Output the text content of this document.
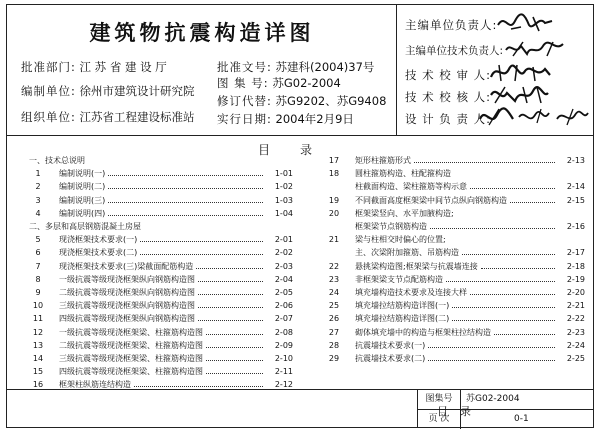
建筑物抗震构造详图
批准部门: 江 苏 省 建 设 厅
编制单位: 徐州市建筑设计研究院
组织单位: 江苏省工程建设标准站
批准文号: 苏建科(2004)37号
图 集 号: 苏G02-2004
修订代替: 苏G9202、苏G9408
实行日期: 2004年2月9日
主编单位负责人:
主编单位技术负责人:
技 术 校 审 人:
技 术 校 核 人:
设 计 负 责 人:
目录
一、技术总说明
1	编制说明(一)	1-01
2	编制说明(二)	1-02
3	编制说明(三)	1-03
4	编制说明(四)	1-04
二、多层和高层钢筋混凝土房屋
5	现浇框架技术要求(一)	2-01
6	现浇框架技术要求(二)	2-02
7	现浇框架技术要求(三)梁截面配筋构造	2-03
8	一级抗震等级现浇框架纵向钢筋构造图	2-04
9	二级抗震等级现浇框架纵向钢筋构造图	2-05
10	三级抗震等级现浇框架纵向钢筋构造图	2-06
11	四级抗震等级现浇框架纵向钢筋构造图	2-07
12	一级抗震等级现浇框架梁、柱箍筋构造图	2-08
13	二级抗震等级现浇框架梁、柱箍筋构造图	2-09
14	三级抗震等级现浇框架梁、柱箍筋构造图	2-10
15	四级抗震等级现浇框架梁、柱箍筋构造图	2-11
16	框架柱纵筋连结构造	2-12
17	矩形柱箍筋形式	2-13
18	圆柱箍筋构造、柱配箍构造
柱截面构造、梁柱箍筋等构示意	2-14
19	不同截面高度框架梁中间节点纵向钢筋构造	2-15
20	框架梁竖向、水平加腋构造;
框架梁节点钢筋构造	2-16
21	梁与柱相交时偏心的位置;
主、次梁附加箍筋、吊筋构造	2-17
22	悬挑梁构造图;框架梁与抗震墙连接	2-18
23	非框架梁支节点配筋构造	2-19
24	填充墙构造技术要求及连接大样	2-20
25	填充墙拉结筋构造详图(一)	2-21
26	填充墙拉结筋构造详图(二)	2-22
27	砌体填充墙中的构造与框架柱拉结构造	2-23
28	抗震墙技术要求(一)	2-24
29	抗震墙技术要求(二)	2-25
图集号	苏G02-2004
页 次	0-1
目录
